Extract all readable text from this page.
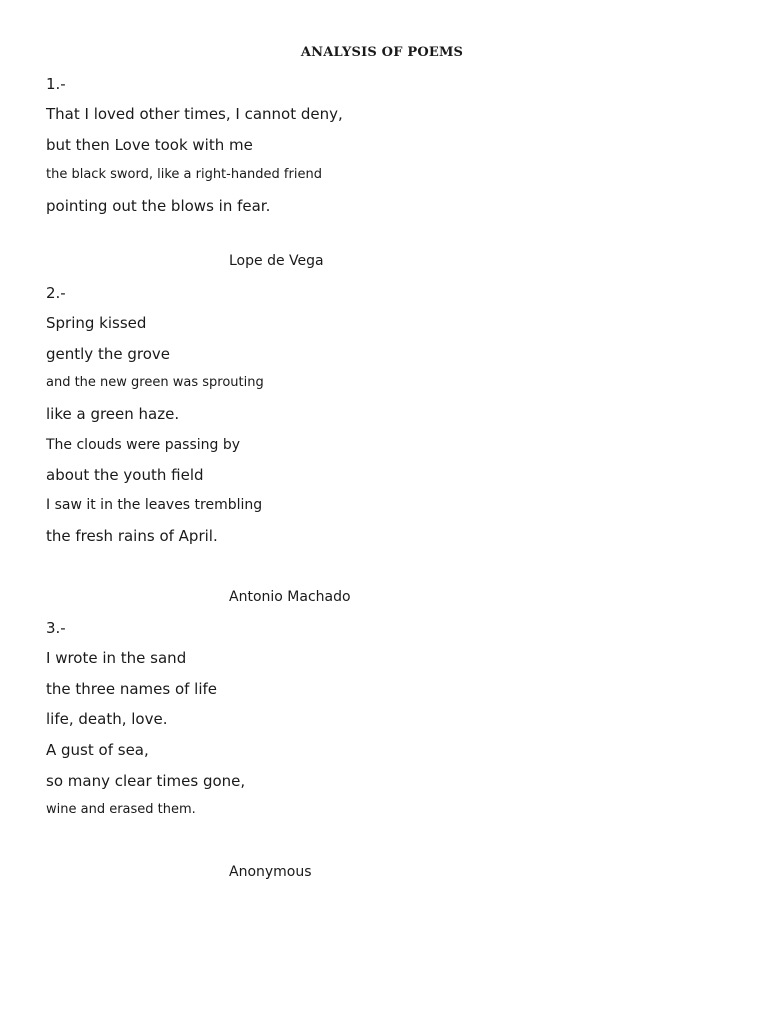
ANALYSIS OF POEMS
1.-
That I loved other times, I cannot deny,
but then Love took with me
the black sword, like a right-handed friend
pointing out the blows in fear.
Lope de Vega
2.-
Spring kissed
gently the grove
and the new green was sprouting
like a green haze.
The clouds were passing by
about the youth field
I saw it in the leaves trembling
the fresh rains of April.
Antonio Machado
3.-
I wrote in the sand
the three names of life
life, death, love.
A gust of sea,
so many clear times gone,
wine and erased them.
Anonymous
